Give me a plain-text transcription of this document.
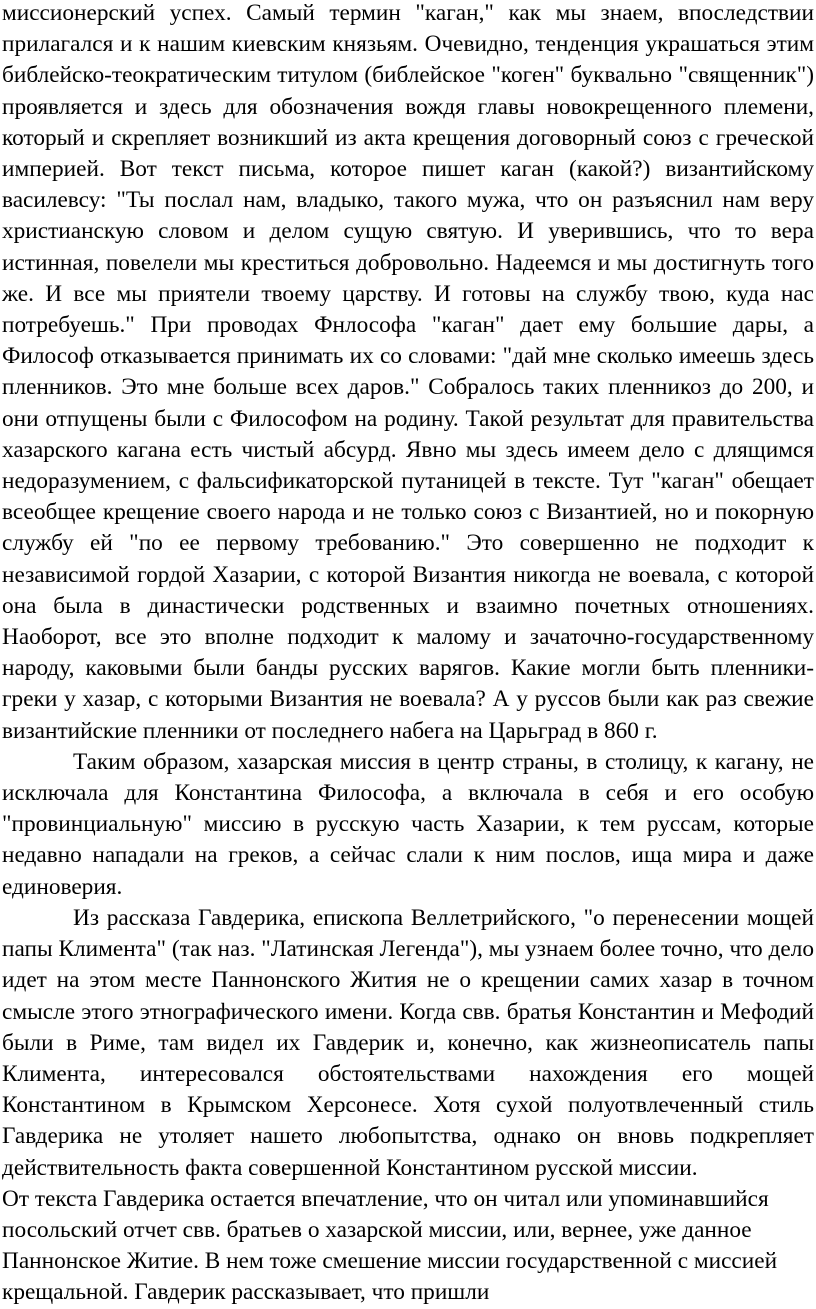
миссионерский успех. Самый термин "каган," как мы знаем, впоследствии прилагался и к нашим киевским князьям. Очевидно, тенденция украшаться этим библейско-теократическим титулом (библейское "коген" буквально "священник") проявляется и здесь для обозначения вождя главы новокрещенного племени, который и скрепляет возникший из акта крещения договорный союз с греческой империей. Вот текст письма, которое пишет каган (какой?) византийскому василевсу: "Ты послал нам, владыко, такого мужа, что он разъяснил нам веру христианскую словом и делом сущую святую. И уверившись, что то вера истинная, повелели мы креститься добровольно. Надеемся и мы достигнуть того же. И все мы приятели твоему царству. И готовы на службу твою, куда нас потребуешь." При проводах Фнлософа "каган" дает ему большие дары, а Философ отказывается принимать их со словами: "дай мне сколько имеешь здесь пленников. Это мне больше всех даров." Собралось таких пленникоз до 200, и они отпущены были с Философом на родину. Такой результат для правительства хазарского кагана есть чистый абсурд. Явно мы здесь имеем дело с длящимся недоразумением, с фальсификаторской путаницей в тексте. Тут "каган" обещает всеобщее крещение своего народа и не только союз с Византией, но и покорную службу ей "по ее первому требованию." Это совершенно не подходит к независимой гордой Хазарии, с которой Византия никогда не воевала, с которой она была в династически родственных и взаимно почетных отношениях. Наоборот, все это вполне подходит к малому и зачаточно-государственному народу, каковыми были банды русских варягов. Какие могли быть пленники-греки у хазар, с которыми Византия не воевала? А у руссов были как раз свежие византийские пленники от последнего набега на Царьград в 860 г.

Таким образом, хазарская миссия в центр страны, в столицу, к кагану, не исключала для Константина Философа, а включала в себя и его особую "провинциальную" миссию в русскую часть Хазарии, к тем руссам, которые недавно нападали на греков, а сейчас слали к ним послов, ища мира и даже единоверия.

Из рассказа Гавдерика, епископа Веллетрийского, "о перенесении мощей папы Климента" (так наз. "Латинская Легенда"), мы узнаем более точно, что дело идет на этом месте Паннонского Жития не о крещении самих хазар в точном смысле этого этнографического имени. Когда свв. братья Константин и Мефодий были в Риме, там видел их Гавдерик и, конечно, как жизнеописатель папы Климента, интересовался обстоятельствами нахождения его мощей Константином в Крымском Херсонесе. Хотя сухой полуотвлеченный стиль Гавдерика не утоляет нашето любопытства, однако он вновь подкрепляет действительность факта совершенной Константином русской миссии.

От текста Гавдерика остается впечатление, что он читал или упоминавшийся посольский отчет свв. братьев о хазарской миссии, или, вернее, уже данное Паннонское Житие. В нем тоже смешение миссии государственной с миссией крещальной. Гавдерик рассказывает, что пришли
